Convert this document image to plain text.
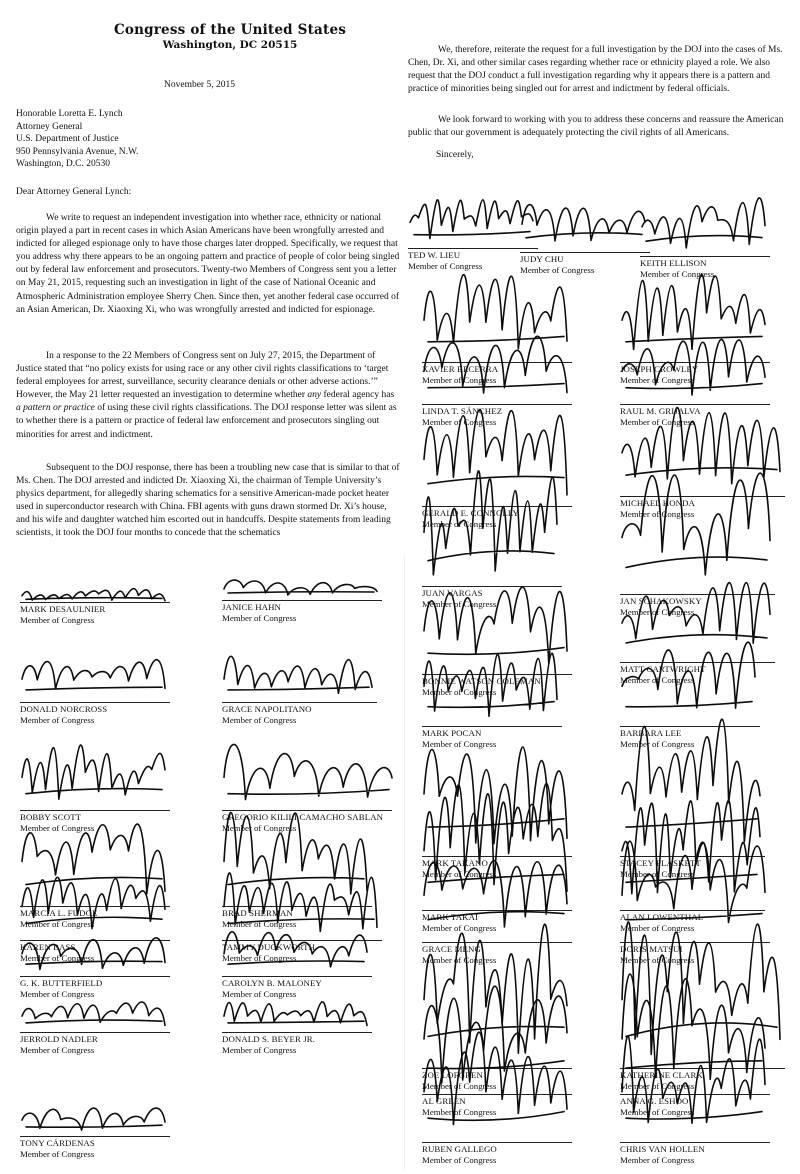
Congress of the United States
Washington, DC 20515
November 5, 2015
Honorable Loretta E. Lynch
Attorney General
U.S. Department of Justice
950 Pennsylvania Avenue, N.W.
Washington, D.C. 20530
Dear Attorney General Lynch:
We write to request an independent investigation into whether race, ethnicity or national origin played a part in recent cases in which Asian Americans have been wrongfully arrested and indicted for alleged espionage only to have those charges later dropped. Specifically, we request that you address why there appears to be an ongoing pattern and practice of people of color being singled out by federal law enforcement and prosecutors. Twenty-two Members of Congress sent you a letter on May 21, 2015, requesting such an investigation in light of the case of National Oceanic and Atmospheric Administration employee Sherry Chen. Since then, yet another federal case occurred of an Asian American, Dr. Xiaoxing Xi, who was wrongfully arrested and indicted for espionage.
In a response to the 22 Members of Congress sent on July 27, 2015, the Department of Justice stated that “no policy exists for using race or any other civil rights classifications to ‘target federal employees for arrest, surveillance, security clearance denials or other adverse actions.’” However, the May 21 letter requested an investigation to determine whether any federal agency has a pattern or practice of using these civil rights classifications. The DOJ response letter was silent as to whether there is a pattern or practice of federal law enforcement and prosecutors singling out minorities for arrest and indictment.
Subsequent to the DOJ response, there has been a troubling new case that is similar to that of Ms. Chen. The DOJ arrested and indicted Dr. Xiaoxing Xi, the chairman of Temple University’s physics department, for allegedly sharing schematics for a sensitive American-made pocket heater used in superconductor research with China. FBI agents with guns drawn stormed Dr. Xi’s house, and his wife and daughter watched him escorted out in handcuffs. Despite statements from leading scientists, it took the DOJ four months to concede that the schematics
We, therefore, reiterate the request for a full investigation by the DOJ into the cases of Ms. Chen, Dr. Xi, and other similar cases regarding whether race or ethnicity played a role. We also request that the DOJ conduct a full investigation regarding why it appears there is a pattern and practice of minorities being singled out for arrest and indictment by federal officials.
We look forward to working with you to address these concerns and reassure the American public that our government is adequately protecting the civil rights of all Americans.
Sincerely,
TED W. LIEU
Member of Congress
JUDY CHU
Member of Congress
KEITH ELLISON
Member of Congress
XAVIER BECERRA
Member of Congress
JOSEPH CROWLEY
Member of Congress
LINDA T. SÁNCHEZ
Member of Congress
RAUL M. GRIJALVA
Member of Congress
GERALD E. CONNOLLY
Member of Congress
MICHAEL HONDA
Member of Congress
JUAN VARGAS
Member of Congress	JAN SCHAKOWSKY
Member of Congress
BONNIE WATSON COLEMAN
Member of Congress
MATT CARTWRIGHT
Member of Congress
MARK POCAN
Member of Congress
BARBARA LEE
Member of Congress
MARK TAKANO
Member of Congress
STACEY PLASKETT
Member of Congress
MARK TAKAI
Member of Congress
ALAN LOWENTHAL
Member of Congress
GRACE MENG
Member of Congress
DORIS MATSUI
Member of Congress
ZOE LOFGREN
Member of Congress
KATHERINE CLARK
Member of Congress
AL GREEN
Member of Congress
ANNA G. ESHOO
Member of Congress
RUBEN GALLEGO
Member of Congress
CHRIS VAN HOLLEN
Member of Congress
MARK DESAULNIER
Member of Congress
JANICE HAHN
Member of Congress
DONALD NORCROSS
Member of Congress
GRACE NAPOLITANO
Member of Congress
BOBBY SCOTT
Member of Congress
GREGORIO KILILI CAMACHO SABLAN
Member of Congress
MARCIA L. FUDGE
Member of Congress
BRAD SHERMAN
Member of Congress
KAREN BASS
Member of Congress
TAMMY DUCKWORTH
Member of Congress
G. K. BUTTERFIELD
Member of Congress
CAROLYN B. MALONEY
Member of Congress
JERROLD NADLER
Member of Congress
DONALD S. BEYER JR.
Member of Congress
TONY CÁRDENAS
Member of Congress
